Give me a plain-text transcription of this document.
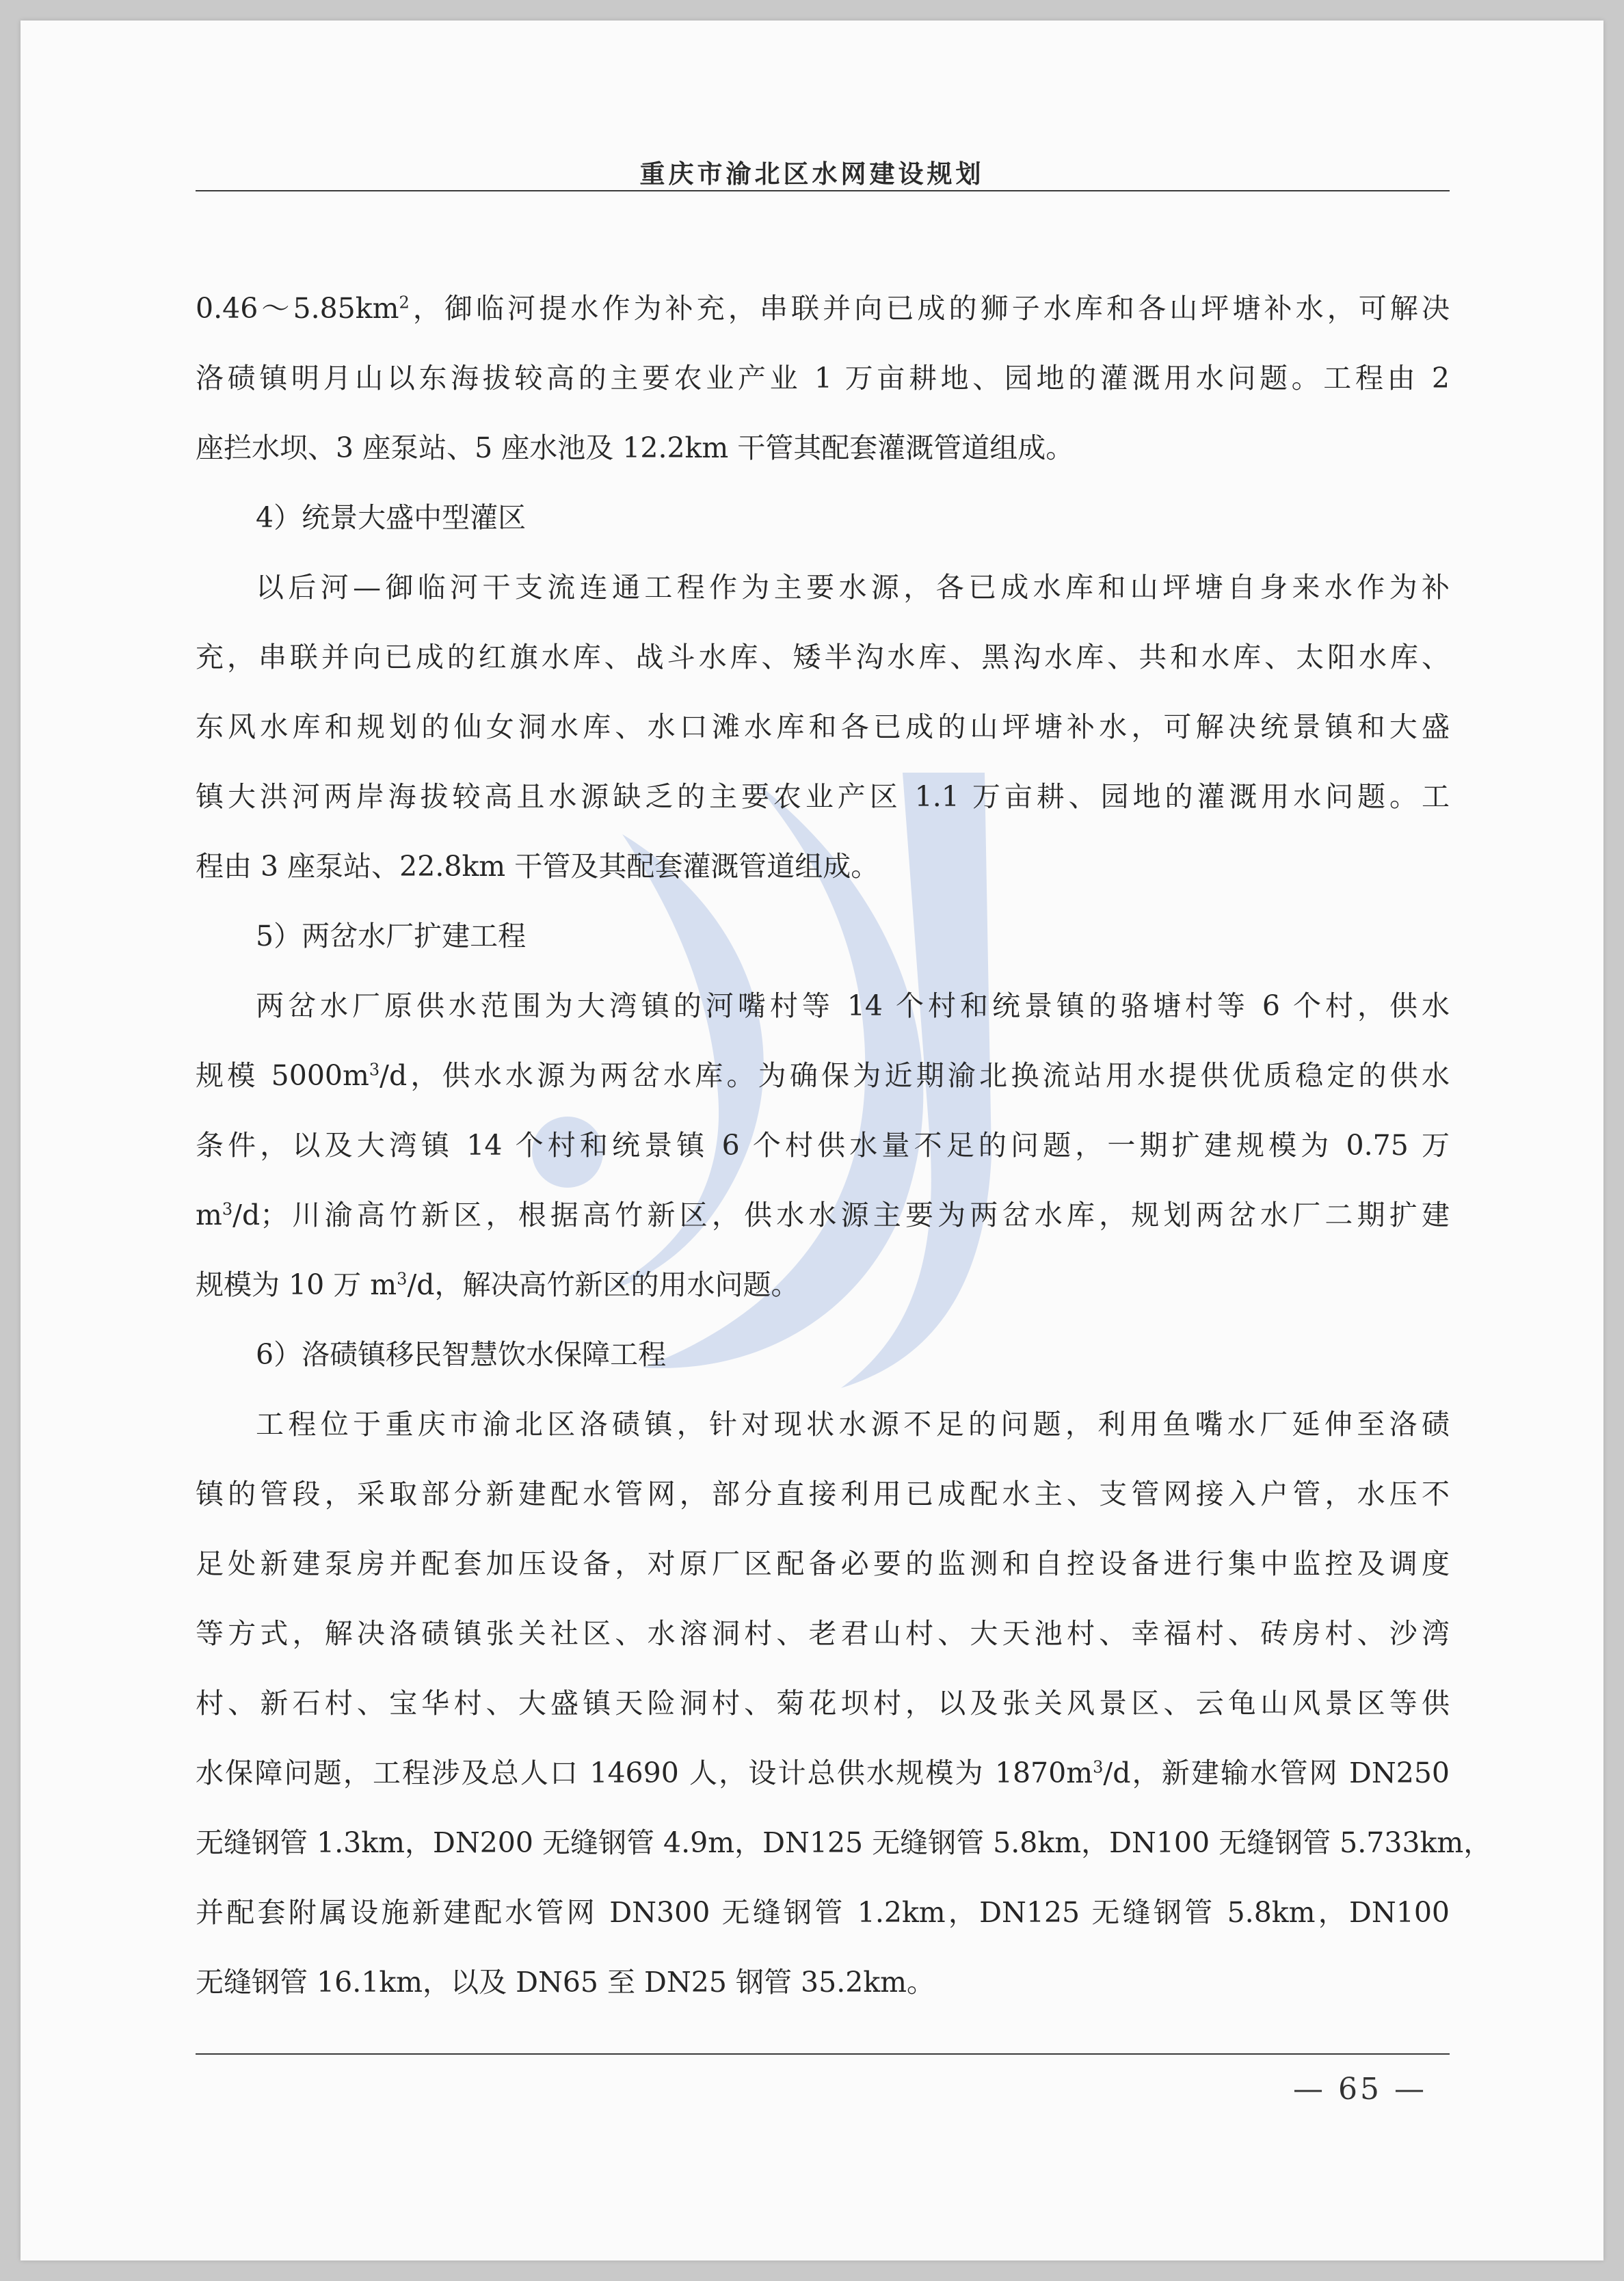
重庆市渝北区水网建设规划
$0.46\sim 5.85km^2$，御临河提水作为补充，串联并向已成的狮子水库和各山坪塘补水，可解决
洛碛镇明月山以东海拔较高的主要农业产业 1 万亩耕地、园地的灌溉用水问题。工程由 2
座拦水坝、3 座泵站、5 座水池及 12.2km 干管其配套灌溉管道组成。
4）统景大盛中型灌区
以后河—御临河干支流连通工程作为主要水源，各已成水库和山坪塘自身来水作为补
充，串联并向已成的红旗水库、战斗水库、矮半沟水库、黑沟水库、共和水库、太阳水库、
东风水库和规划的仙女洞水库、水口滩水库和各已成的山坪塘补水，可解决统景镇和大盛
镇大洪河两岸海拔较高且水源缺乏的主要农业产区 1.1 万亩耕、园地的灌溉用水问题。工
程由 3 座泵站、22.8km 干管及其配套灌溉管道组成。
5）两岔水厂扩建工程
两岔水厂原供水范围为大湾镇的河嘴村等 14 个村和统景镇的骆塘村等 6 个村，供水
规模 $5000m^3/d$，供水水源为两岔水库。为确保为近期渝北换流站用水提供优质稳定的供水
条件，以及大湾镇 14 个村和统景镇 6 个村供水量不足的问题，一期扩建规模为 0.75 万
$m^3/d$；川渝高竹新区，根据高竹新区，供水水源主要为两岔水库，规划两岔水厂二期扩建
规模为 10 万 $m^3/d$，解决高竹新区的用水问题。
6）洛碛镇移民智慧饮水保障工程
工程位于重庆市渝北区洛碛镇，针对现状水源不足的问题，利用鱼嘴水厂延伸至洛碛
镇的管段，采取部分新建配水管网，部分直接利用已成配水主、支管网接入户管，水压不
足处新建泵房并配套加压设备，对原厂区配备必要的监测和自控设备进行集中监控及调度
等方式，解决洛碛镇张关社区、水溶洞村、老君山村、大天池村、幸福村、砖房村、沙湾
村、新石村、宝华村、大盛镇天险洞村、菊花坝村，以及张关风景区、云龟山风景区等供
水保障问题，工程涉及总人口 14690 人，设计总供水规模为 $1870m^3/d$，新建输水管网 DN250
无缝钢管 1.3km，DN200 无缝钢管 4.9m，DN125 无缝钢管 5.8km，DN100 无缝钢管 5.733km，
并配套附属设施新建配水管网 DN300 无缝钢管 1.2km，DN125 无缝钢管 5.8km，DN100
无缝钢管 16.1km，以及 DN65 至 DN25 钢管 35.2km。
— 65 —
